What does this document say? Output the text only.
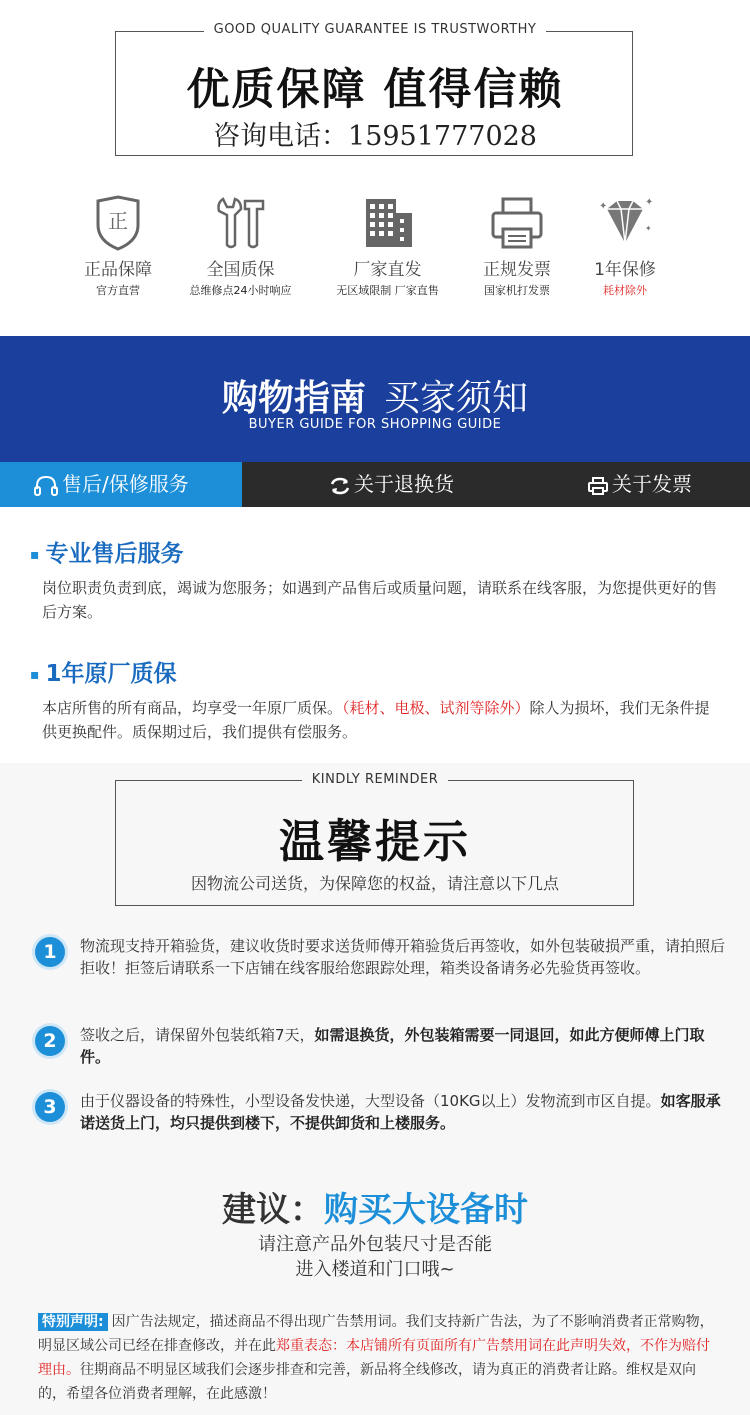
GOOD QUALITY GUARANTEE IS TRUSTWORTHY
优质保障 值得信赖
咨询电话：15951777028
正
正品保障
官方直营
全国质保
总维修点24小时响应
厂家直发
无区域限制 厂家直售
正规发票
国家机打发票
✦	✦
✦
1年保修
耗材除外
购物指南 买家须知
BUYER GUIDE FOR SHOPPING GUIDE
售后/保修服务	关于退换货	关于发票
▪ 专业售后服务
岗位职责负责到底，竭诚为您服务；如遇到产品售后或质量问题，请联系在线客服，为您提供更好的售后方案。
▪ 1年原厂质保
本店所售的所有商品，均享受一年原厂质保。（耗材、电极、试剂等除外）除人为损坏，我们无条件提供更换配件。质保期过后，我们提供有偿服务。
KINDLY REMINDER
温馨提示
因物流公司送货，为保障您的权益，请注意以下几点
1	物流现支持开箱验货，建议收货时要求送货师傅开箱验货后再签收，如外包装破损严重，请拍照后拒收！拒签后请联系一下店铺在线客服给您跟踪处理，箱类设备请务必先验货再签收。
2	签收之后，请保留外包装纸箱7天，如需退换货，外包装箱需要一同退回，如此方便师傅上门取件。
3	由于仪器设备的特殊性，小型设备发快递，大型设备（10KG以上）发物流到市区自提。如客服承诺送货上门，均只提供到楼下，不提供卸货和上楼服务。
建议：购买大设备时
请注意产品外包装尺寸是否能
进入楼道和门口哦~
特别声明: 因广告法规定，描述商品不得出现广告禁用词。我们支持新广告法，为了不影响消费者正常购物，明显区域公司已经在排查修改，并在此郑重表态：本店铺所有页面所有广告禁用词在此声明失效，不作为赔付理由。往期商品不明显区域我们会逐步排查和完善，新品将全线修改，请为真正的消费者让路。维权是双向的，希望各位消费者理解，在此感激！
